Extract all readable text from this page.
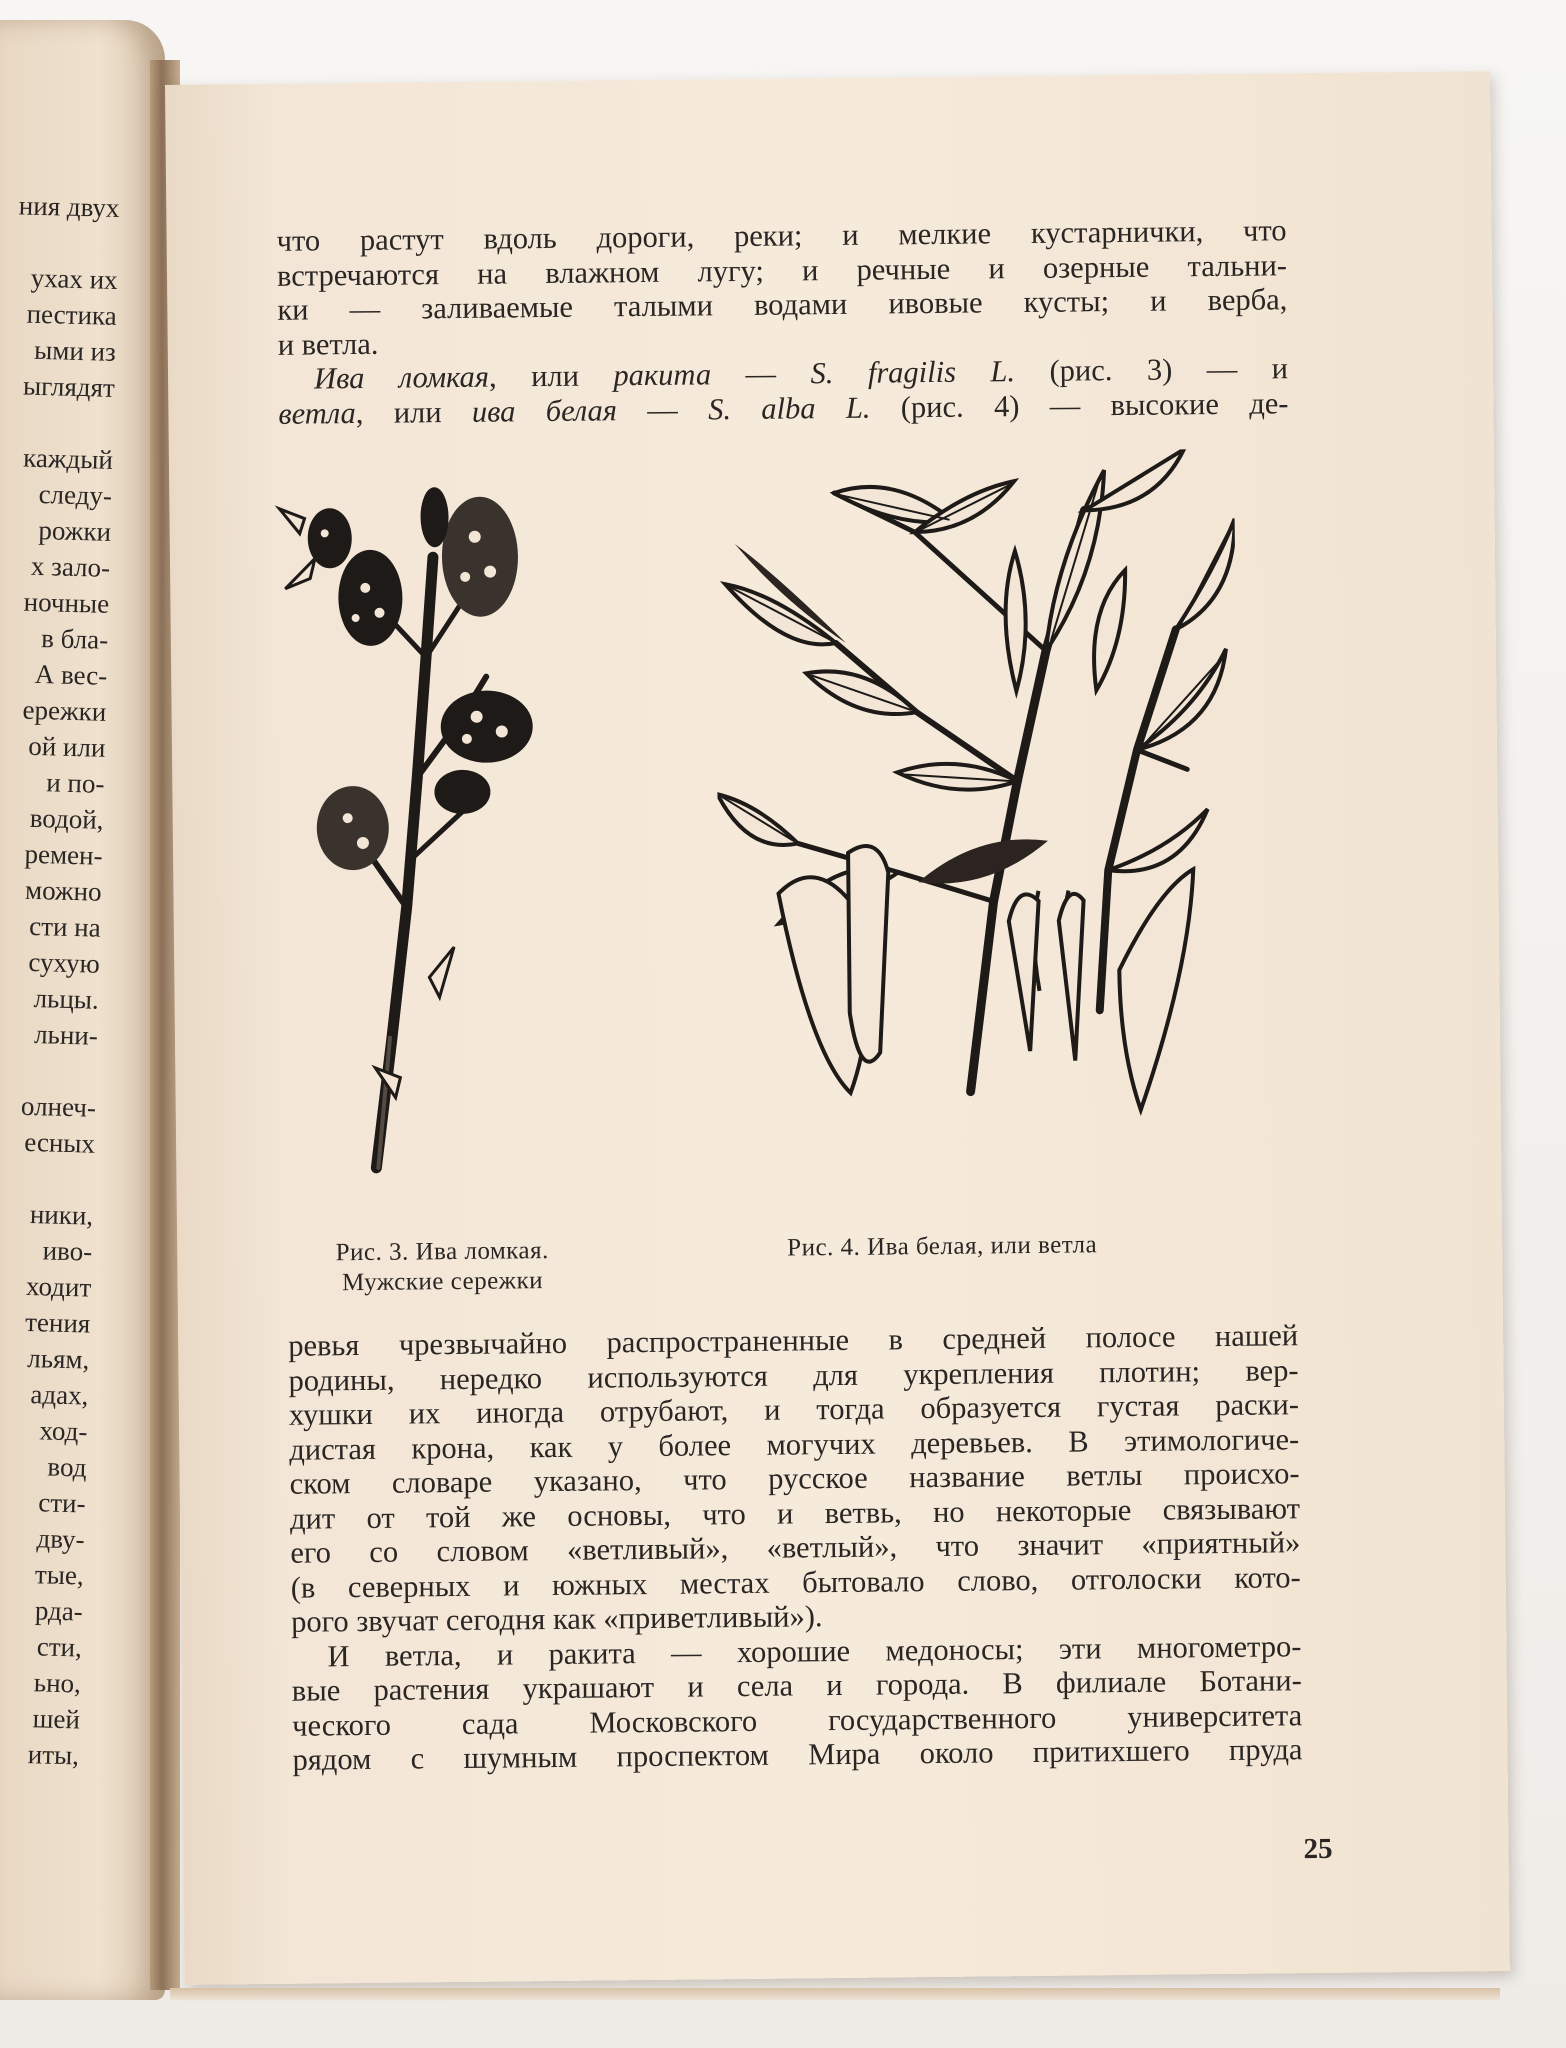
ния двух

ухах их
пестика
ыми из
ыглядят

каждый
следу-
рожки
х зало-
ночные
в бла-
А вес-
ережки
ой или
и по-
водой,
ремен-
можно
сти на
сухую
льцы.
льни-

олнеч-
есных

ники,
иво-
ходит
тения
льям,
адах,
ход-
вод
сти-
дву-
тые,
рда-
сти,
ьно,
шей
иты,

что растут вдоль дороги, реки; и мелкие кустарнички, что

встречаются на влажном лугу; и речные и озерные тальни-

ки — заливаемые талыми водами ивовые кусты; и верба,

и ветла.

Ива ломкая, или ракита — S. fragilis L. (рис. 3) — и

ветла, или ива белая — S. alba L. (рис. 4) — высокие де-

Рис. 3. Ива ломкая.
Мужские сережки
Рис. 4. Ива белая, или ветла

ревья чрезвычайно распространенные в средней полосе нашей

родины, нередко используются для укрепления плотин; вер-

хушки их иногда отрубают, и тогда образуется густая раски-

дистая крона, как у более могучих деревьев. В этимологиче-

ском словаре указано, что русское название ветлы происхо-

дит от той же основы, что и ветвь, но некоторые связывают

его со словом «ветливый», «ветлый», что значит «приятный»

(в северных и южных местах бытовало слово, отголоски кото-

рого звучат сегодня как «приветливый»).

И ветла, и ракита — хорошие медоносы; эти многометро-

вые растения украшают и села и города. В филиале Ботани-

ческого сада Московского государственного университета

рядом с шумным проспектом Мира около притихшего пруда

25
